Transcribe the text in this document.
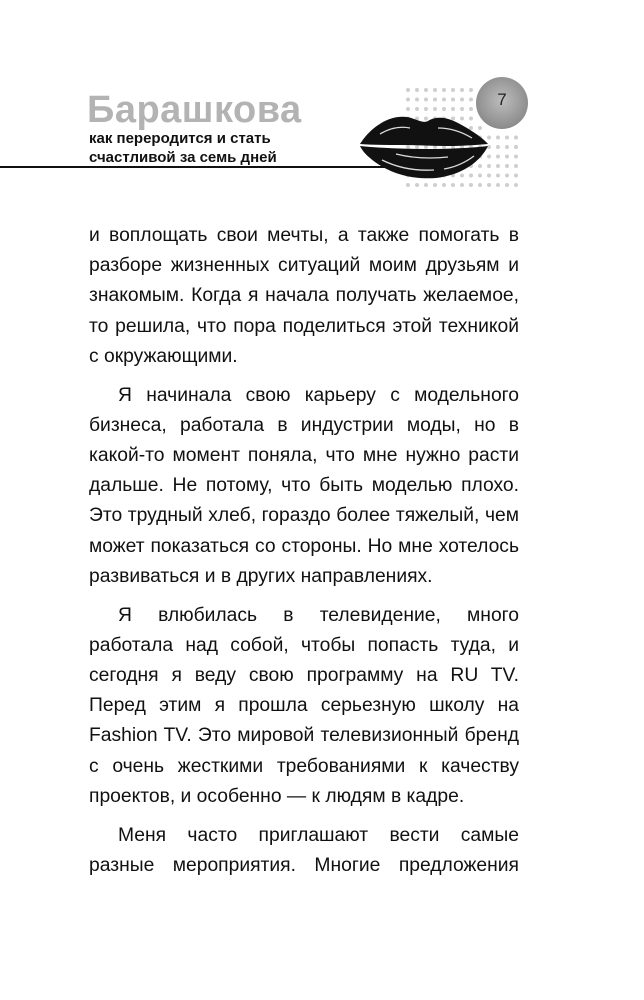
Барашкова
как переродится и стать
счастливой за семь дней
7

и воплощать свои мечты, а также помогать в разборе жизненных ситуаций моим друзьям и знакомым. Когда я начала получать желаемое, то решила, что пора поделиться этой техникой с окружающими.

Я начинала свою карьеру с модельного бизнеса, работала в индустрии моды, но в какой-то момент поняла, что мне нужно расти дальше. Не потому, что быть моделью плохо. Это трудный хлеб, гораздо более тяжелый, чем может показаться со стороны. Но мне хотелось развиваться и в других направлениях.

Я влюбилась в телевидение, много работала над собой, чтобы попасть туда, и сегодня я веду свою программу на RU TV. Перед этим я прошла серьезную школу на Fashion TV. Это мировой телевизионный бренд с очень жесткими требованиями к качеству проектов, и особенно — к людям в кадре.

Меня часто приглашают вести самые разные мероприятия. Многие предложения
